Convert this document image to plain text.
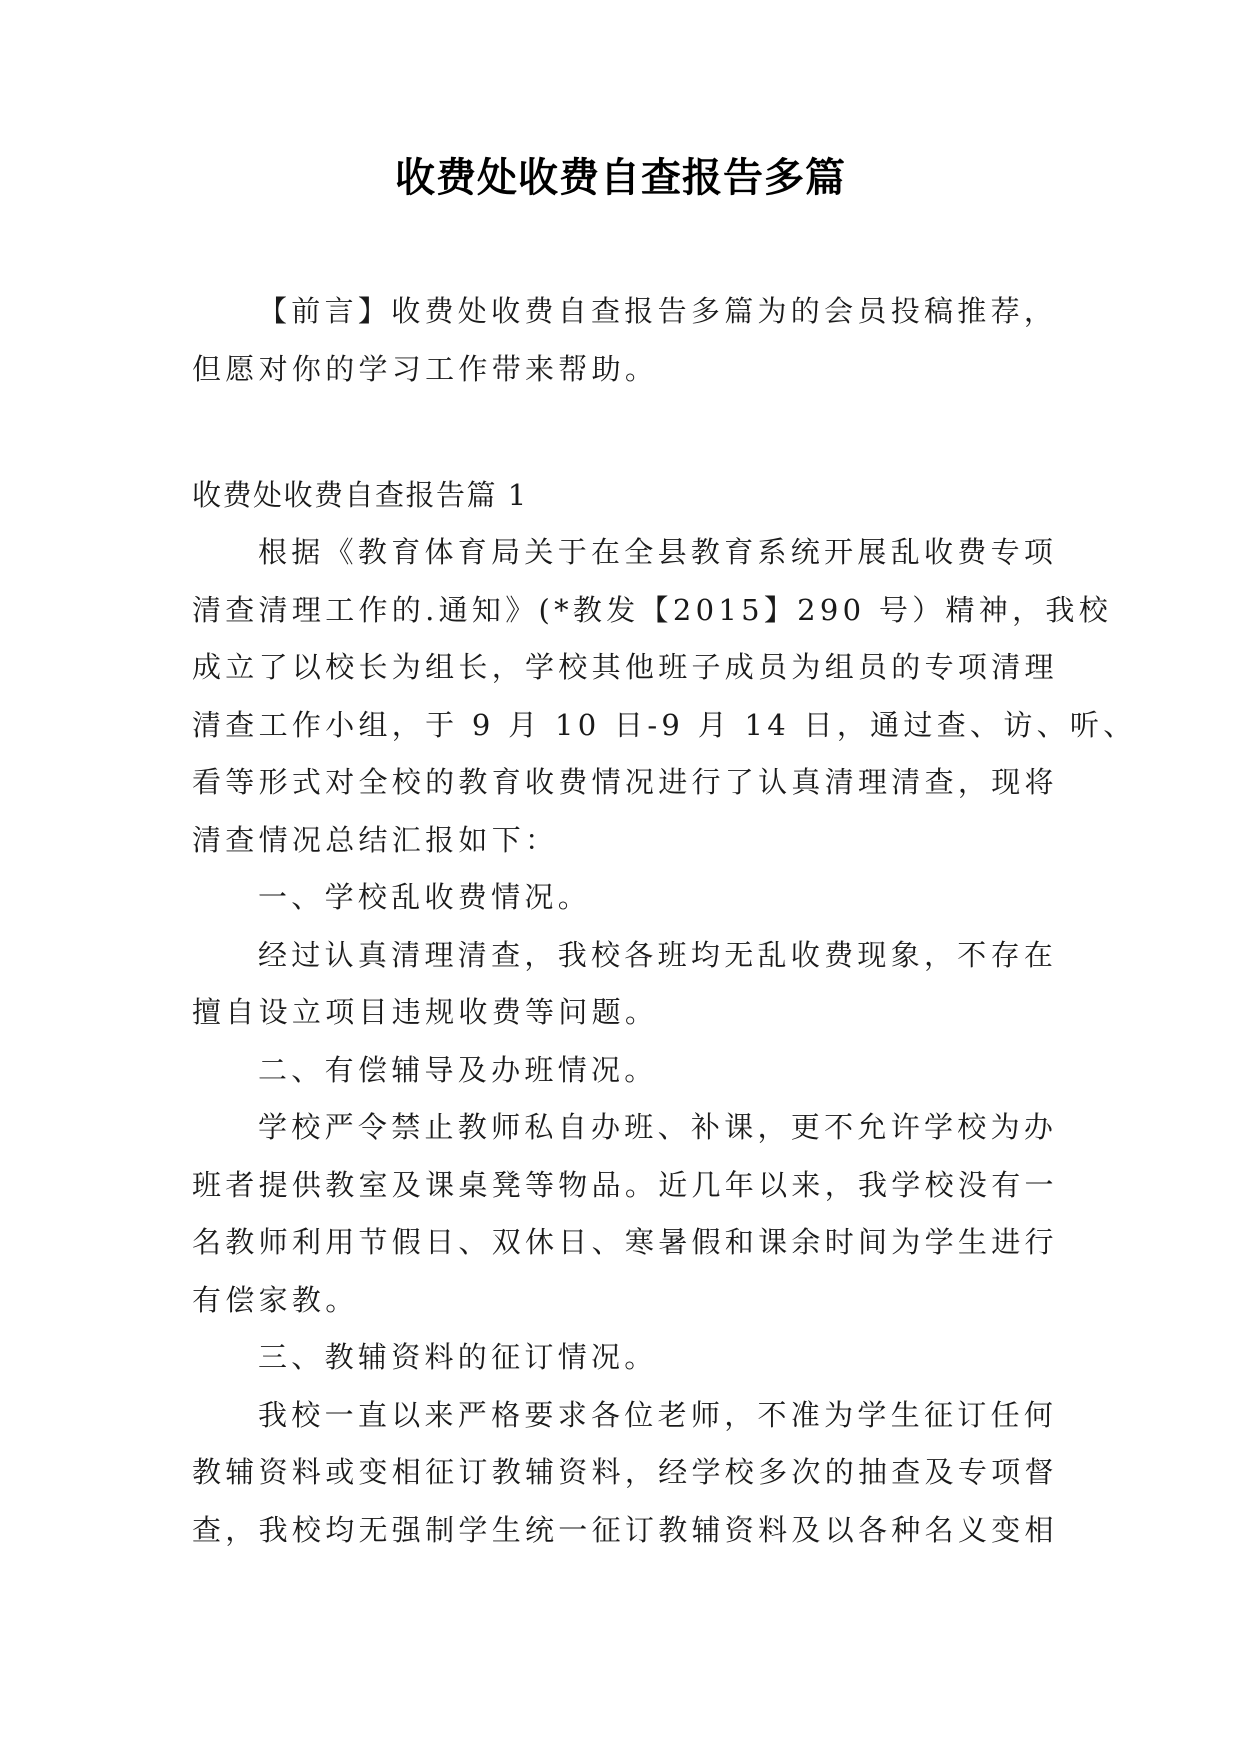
收费处收费自查报告多篇
【前言】收费处收费自查报告多篇为的会员投稿推荐，
但愿对你的学习工作带来帮助。
收费处收费自查报告篇 1
根据《教育体育局关于在全县教育系统开展乱收费专项
清查清理工作的.通知》(*教发【2015】290 号）精神，我校
成立了以校长为组长，学校其他班子成员为组员的专项清理
清查工作小组，于 9 月 10 日-9 月 14 日，通过查、访、听、
看等形式对全校的教育收费情况进行了认真清理清查，现将
清查情况总结汇报如下：
一、学校乱收费情况。
经过认真清理清查，我校各班均无乱收费现象，不存在
擅自设立项目违规收费等问题。
二、有偿辅导及办班情况。
学校严令禁止教师私自办班、补课，更不允许学校为办
班者提供教室及课桌凳等物品。近几年以来，我学校没有一
名教师利用节假日、双休日、寒暑假和课余时间为学生进行
有偿家教。
三、教辅资料的征订情况。
我校一直以来严格要求各位老师，不准为学生征订任何
教辅资料或变相征订教辅资料，经学校多次的抽查及专项督
查，我校均无强制学生统一征订教辅资料及以各种名义变相
